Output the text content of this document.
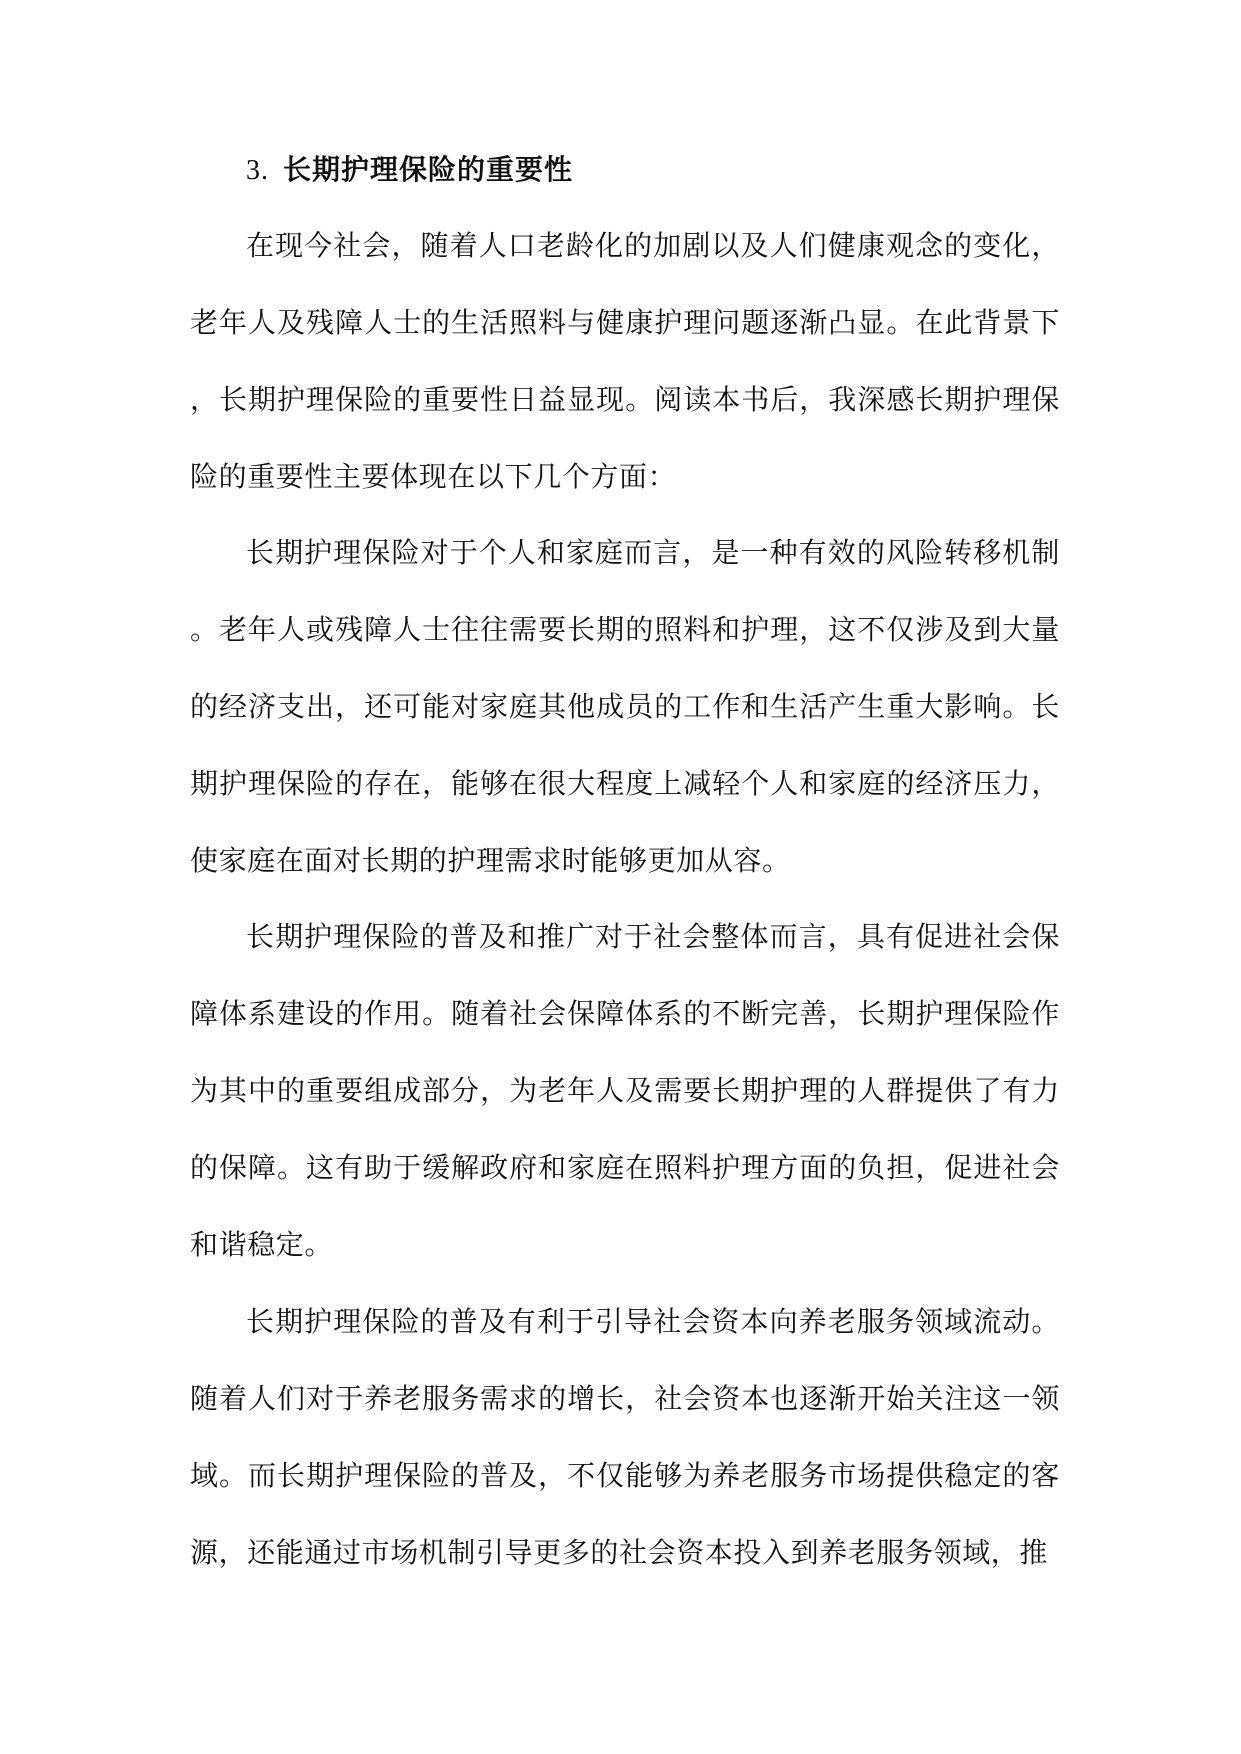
3. 长期护理保险的重要性

在现今社会，随着人口老龄化的加剧以及人们健康观念的变化，老年人及残障人士的生活照料与健康护理问题逐渐凸显。在此背景下，长期护理保险的重要性日益显现。阅读本书后，我深感长期护理保险的重要性主要体现在以下几个方面：

长期护理保险对于个人和家庭而言，是一种有效的风险转移机制。老年人或残障人士往往需要长期的照料和护理，这不仅涉及到大量的经济支出，还可能对家庭其他成员的工作和生活产生重大影响。长期护理保险的存在，能够在很大程度上减轻个人和家庭的经济压力，使家庭在面对长期的护理需求时能够更加从容。

长期护理保险的普及和推广对于社会整体而言，具有促进社会保障体系建设的作用。随着社会保障体系的不断完善，长期护理保险作为其中的重要组成部分，为老年人及需要长期护理的人群提供了有力的保障。这有助于缓解政府和家庭在照料护理方面的负担，促进社会和谐稳定。

长期护理保险的普及有利于引导社会资本向养老服务领域流动。随着人们对于养老服务需求的增长，社会资本也逐渐开始关注这一领域。而长期护理保险的普及，不仅能够为养老服务市场提供稳定的客源，还能通过市场机制引导更多的社会资本投入到养老服务领域，推
